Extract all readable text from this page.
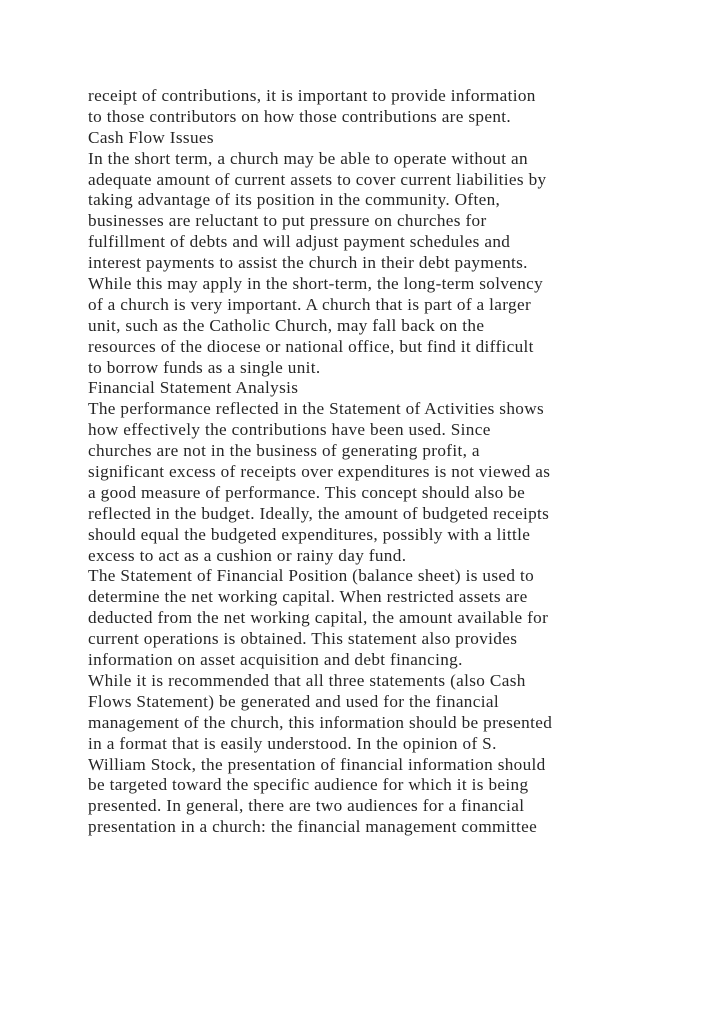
receipt of contributions, it is important to provide information
to those contributors on how those contributions are spent.
Cash Flow Issues
In the short term, a church may be able to operate without an
adequate amount of current assets to cover current liabilities by
taking advantage of its position in the community. Often,
businesses are reluctant to put pressure on churches for
fulfillment of debts and will adjust payment schedules and
interest payments to assist the church in their debt payments.
While this may apply in the short-term, the long-term solvency
of a church is very important. A church that is part of a larger
unit, such as the Catholic Church, may fall back on the
resources of the diocese or national office, but find it difficult
to borrow funds as a single unit.
Financial Statement Analysis
The performance reflected in the Statement of Activities shows
how effectively the contributions have been used. Since
churches are not in the business of generating profit, a
significant excess of receipts over expenditures is not viewed as
a good measure of performance. This concept should also be
reflected in the budget. Ideally, the amount of budgeted receipts
should equal the budgeted expenditures, possibly with a little
excess to act as a cushion or rainy day fund.
The Statement of Financial Position (balance sheet) is used to
determine the net working capital. When restricted assets are
deducted from the net working capital, the amount available for
current operations is obtained. This statement also provides
information on asset acquisition and debt financing.
While it is recommended that all three statements (also Cash
Flows Statement) be generated and used for the financial
management of the church, this information should be presented
in a format that is easily understood. In the opinion of S.
William Stock, the presentation of financial information should
be targeted toward the specific audience for which it is being
presented. In general, there are two audiences for a financial
presentation in a church: the financial management committee
